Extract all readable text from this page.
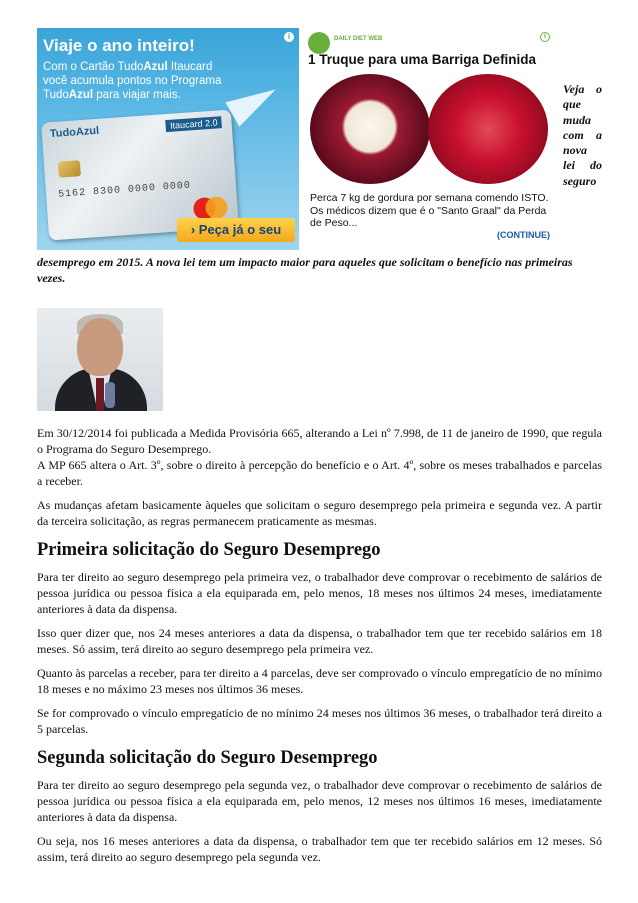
i
Viaje o ano inteiro!
Com o Cartão TudoAzul Itaucard
você acumula pontos no Programa
TudoAzul para viajar mais.
TudoAzul
Itaucard 2.0
5162 8300 0000 0000
› Peça já o seu
DAILY DIET WEB	i
1 Truque para uma Barriga Definida
Perca 7 kg de gordura por semana comendo ISTO. Os médicos dizem que é o "Santo Graal" da Perda de Peso...
(CONTINUE)
Veja o
que
muda
com a
nova
lei do
seguro

desemprego em 2015. A nova lei tem um impacto maior para aqueles que solicitam o benefício nas primeiras vezes.

Em 30/12/2014 foi publicada a Medida Provisória 665, alterando a Lei nº 7.998, de 11 de janeiro de 1990, que regula o Programa do Seguro Desemprego.

A MP 665 altera o Art. 3º, sobre o direito à percepção do benefício e o Art. 4º, sobre os meses trabalhados e parcelas a receber.

As mudanças afetam basicamente àqueles que solicitam o seguro desemprego pela primeira e segunda vez. A partir da terceira solicitação, as regras permanecem praticamente as mesmas.

Primeira solicitação do Seguro Desemprego

Para ter direito ao seguro desemprego pela primeira vez, o trabalhador deve comprovar o recebimento de salários de pessoa jurídica ou pessoa física a ela equiparada em, pelo menos, 18 meses nos últimos 24 meses, imediatamente anteriores à data da dispensa.

Isso quer dizer que, nos 24 meses anteriores a data da dispensa, o trabalhador tem que ter recebido salários em 18 meses. Só assim, terá direito ao seguro desemprego pela primeira vez.

Quanto às parcelas a receber, para ter direito a 4 parcelas, deve ser comprovado o vínculo empregatício de no mínimo 18 meses e no máximo 23 meses nos últimos 36 meses.

Se for comprovado o vínculo empregatício de no mínimo 24 meses nos últimos 36 meses, o trabalhador terá direito a 5 parcelas.

Segunda solicitação do Seguro Desemprego

Para ter direito ao seguro desemprego pela segunda vez, o trabalhador deve comprovar o recebimento de salários de pessoa jurídica ou pessoa física a ela equiparada em, pelo menos, 12 meses nos últimos 16 meses, imediatamente anteriores à data da dispensa.

Ou seja, nos 16 meses anteriores a data da dispensa, o trabalhador tem que ter recebido salários em 12 meses. Só assim, terá direito ao seguro desemprego pela segunda vez.
